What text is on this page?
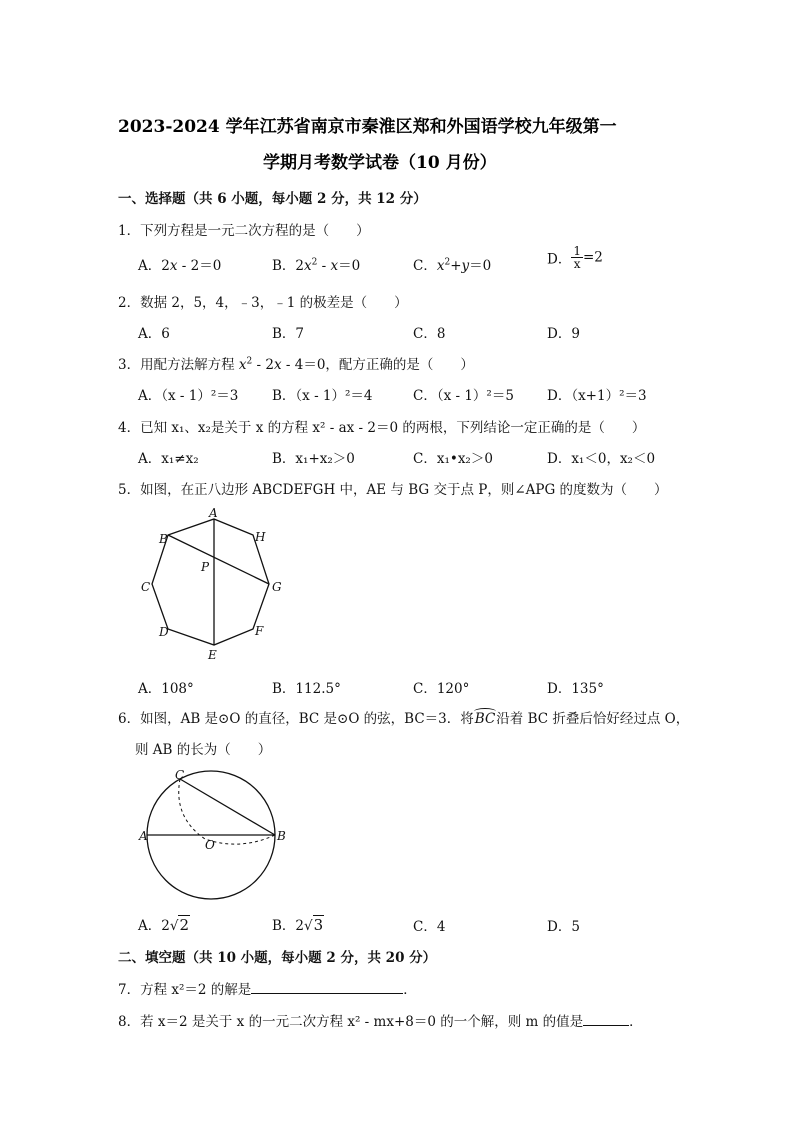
2023-2024 学年江苏省南京市秦淮区郑和外国语学校九年级第一
学期月考数学试卷（10 月份）
一、选择题（共 6 小题，每小题 2 分，共 12 分）
1．下列方程是一元二次方程的是（　　）
A．2x - 2＝0	B．$2x^2 - x=0$	C．$x^2+y=0$	D． $\frac{1}{x} =2$
2．数据 2，5，4，﹣3，﹣1 的极差是（　　）
A．6	B．7	C．8	D．9
3．用配方法解方程 $x^2 - 2x - 4=0$，配方正确的是（　　）
A．（x - 1）²＝3 B．（x - 1）²＝4	C．（x - 1）²＝5 D．（x+1）²＝3
4．已知 x₁、x₂是关于 x 的方程 x² - ax - 2＝0 的两根，下列结论一定正确的是（　　）
A．x₁≠x₂	B．x₁+x₂＞0	C．x₁•x₂＞0	D．x₁＜0，x₂＜0
5．如图，在正八边形 ABCDEFGH 中，AE 与 BG 交于点 P，则∠APG 的度数为（　　）
A
B
C
D
E
F
G
H
P
A．108°	B．112.5°	C．120°	D．135°
6．如图，AB 是⊙O 的直径，BC 是⊙O 的弦，BC＝3．将
BC沿着 BC 折叠后恰好经过点 O，
则 AB 的长为（　　）
C
A
O
B
A．2√2	B．2√3	C．4	D．5
二、填空题（共 10 小题，每小题 2 分，共 20 分）
7．方程 x²＝2 的解是	．
8．若 x＝2 是关于 x 的一元二次方程 x² - mx+8＝0 的一个解，则 m 的值是	．
